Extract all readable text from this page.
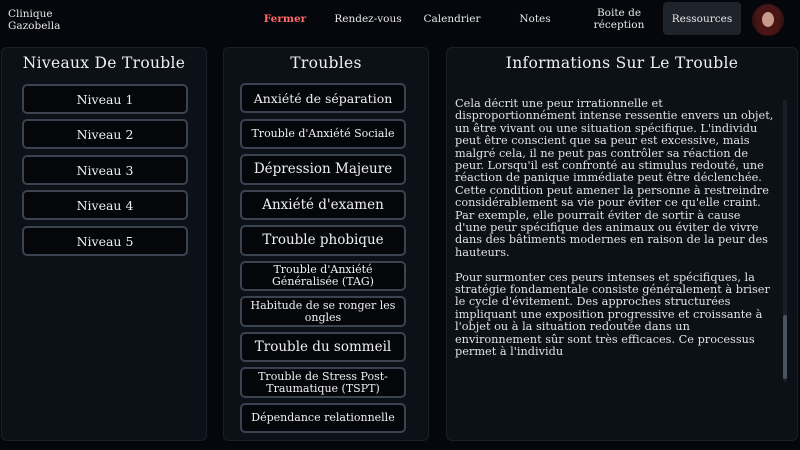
Clinique Gazobella
Fermer	Rendez-vous	Calendrier	Notes	Boite de réception
Ressources
Niveaux De Trouble
Niveau 1
Niveau 2
Niveau 3
Niveau 4
Niveau 5
Troubles
Anxiété de séparation
Trouble d'Anxiété Sociale
Dépression Majeure
Anxiété d'examen
Trouble phobique
Trouble d'Anxiété Généralisée (TAG)
Habitude de se ronger les ongles
Trouble du sommeil
Trouble de Stress Post-Traumatique (TSPT)
Dépendance relationnelle
Informations Sur Le Trouble

Cela décrit une peur irrationnelle et disproportionnément intense ressentie envers un objet, un être vivant ou une situation spécifique. L'individu peut être conscient que sa peur est excessive, mais malgré cela, il ne peut pas contrôler sa réaction de peur. Lorsqu'il est confronté au stimulus redouté, une réaction de panique immédiate peut être déclenchée. Cette condition peut amener la personne à restreindre considérablement sa vie pour éviter ce qu'elle craint. Par exemple, elle pourrait éviter de sortir à cause d'une peur spécifique des animaux ou éviter de vivre dans des bâtiments modernes en raison de la peur des hauteurs.

Pour surmonter ces peurs intenses et spécifiques, la stratégie fondamentale consiste généralement à briser le cycle d'évitement. Des approches structurées impliquant une exposition progressive et croissante à l'objet ou à la situation redoutée dans un environnement sûr sont très efficaces. Ce processus permet à l'individu
